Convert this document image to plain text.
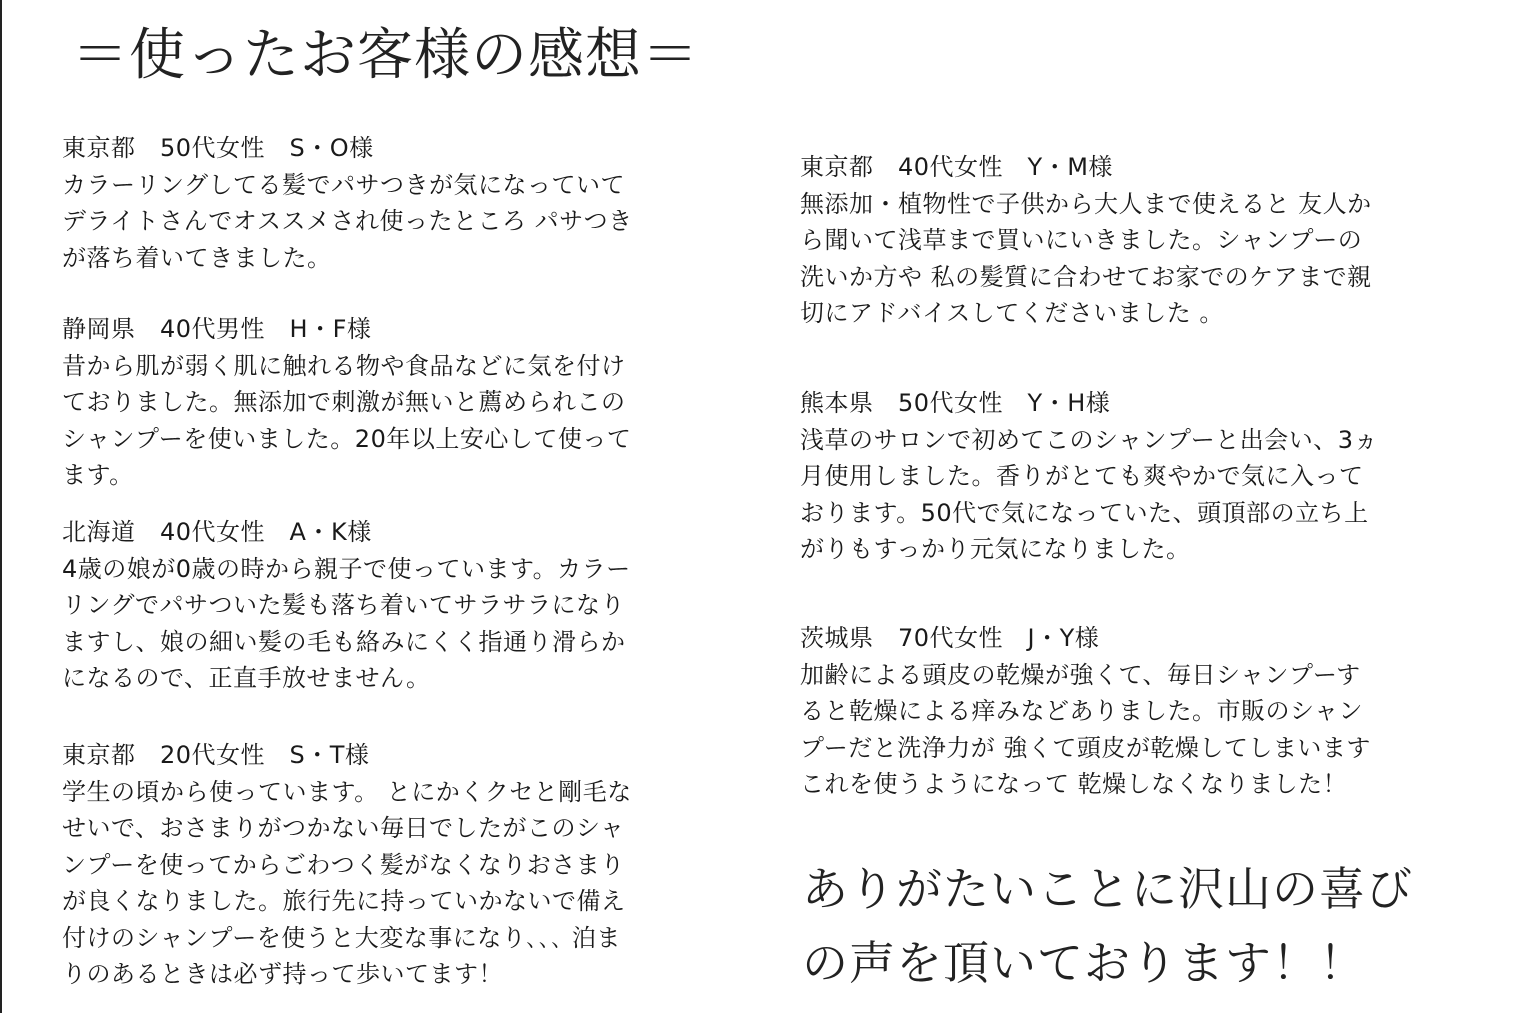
＝使ったお客様の感想＝
東京都　50代女性　S・O様
カラーリングしてる髪でパサつきが気になっていて
デライトさんでオススメされ使ったところ パサつき
が落ち着いてきました。
静岡県　40代男性　H・F様
昔から肌が弱く肌に触れる物や食品などに気を付け
ておりました。無添加で刺激が無いと薦められこの
シャンプーを使いました。20年以上安心して使って
ます。
北海道　40代女性　A・K様
4歳の娘が0歳の時から親子で使っています。カラー
リングでパサついた髪も落ち着いてサラサラになり
ますし、娘の細い髪の毛も絡みにくく指通り滑らか
になるので、正直手放せません。
東京都　20代女性　S・T様
学生の頃から使っています。 とにかくクセと剛毛な
せいで、おさまりがつかない毎日でしたがこのシャ
ンプーを使ってからごわつく髪がなくなりおさまり
が良くなりました。旅行先に持っていかないで備え
付けのシャンプーを使うと大変な事になり､､､ 泊ま
りのあるときは必ず持って歩いてます！
東京都　40代女性　Y・M様
無添加・植物性で子供から大人まで使えると 友人か
ら聞いて浅草まで買いにいきました。シャンプーの
洗いか方や 私の髪質に合わせてお家でのケアまで親
切にアドバイスしてくださいました 。
熊本県　50代女性　Y・H様
浅草のサロンで初めてこのシャンプーと出会い、3ヵ
月使用しました。香りがとても爽やかで気に入って
おります。50代で気になっていた、頭頂部の立ち上
がりもすっかり元気になりました。
茨城県　70代女性　J・Y様
加齢による頭皮の乾燥が強くて、毎日シャンプーす
ると乾燥による痒みなどありました。市販のシャン
プーだと洗浄力が 強くて頭皮が乾燥してしまいます
これを使うようになって 乾燥しなくなりました！
ありがたいことに沢山の喜び
の声を頂いております！！
